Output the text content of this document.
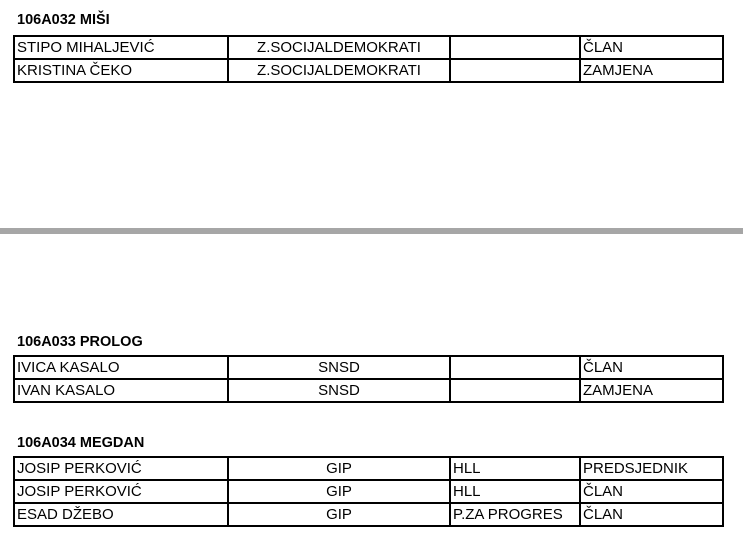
106A032 MIŠI
STIPO MIHALJEVIĆ	Z.SOCIJALDEMOKRATI		ČLAN
KRISTINA ČEKO	Z.SOCIJALDEMOKRATI		ZAMJENA
106A033 PROLOG
IVICA KASALO	SNSD		ČLAN
IVAN KASALO	SNSD		ZAMJENA
106A034 MEGDAN
JOSIP PERKOVIĆ	GIP	HLL	PREDSJEDNIK
JOSIP PERKOVIĆ	GIP	HLL	ČLAN
ESAD DŽEBO	GIP	P.ZA PROGRES	ČLAN
